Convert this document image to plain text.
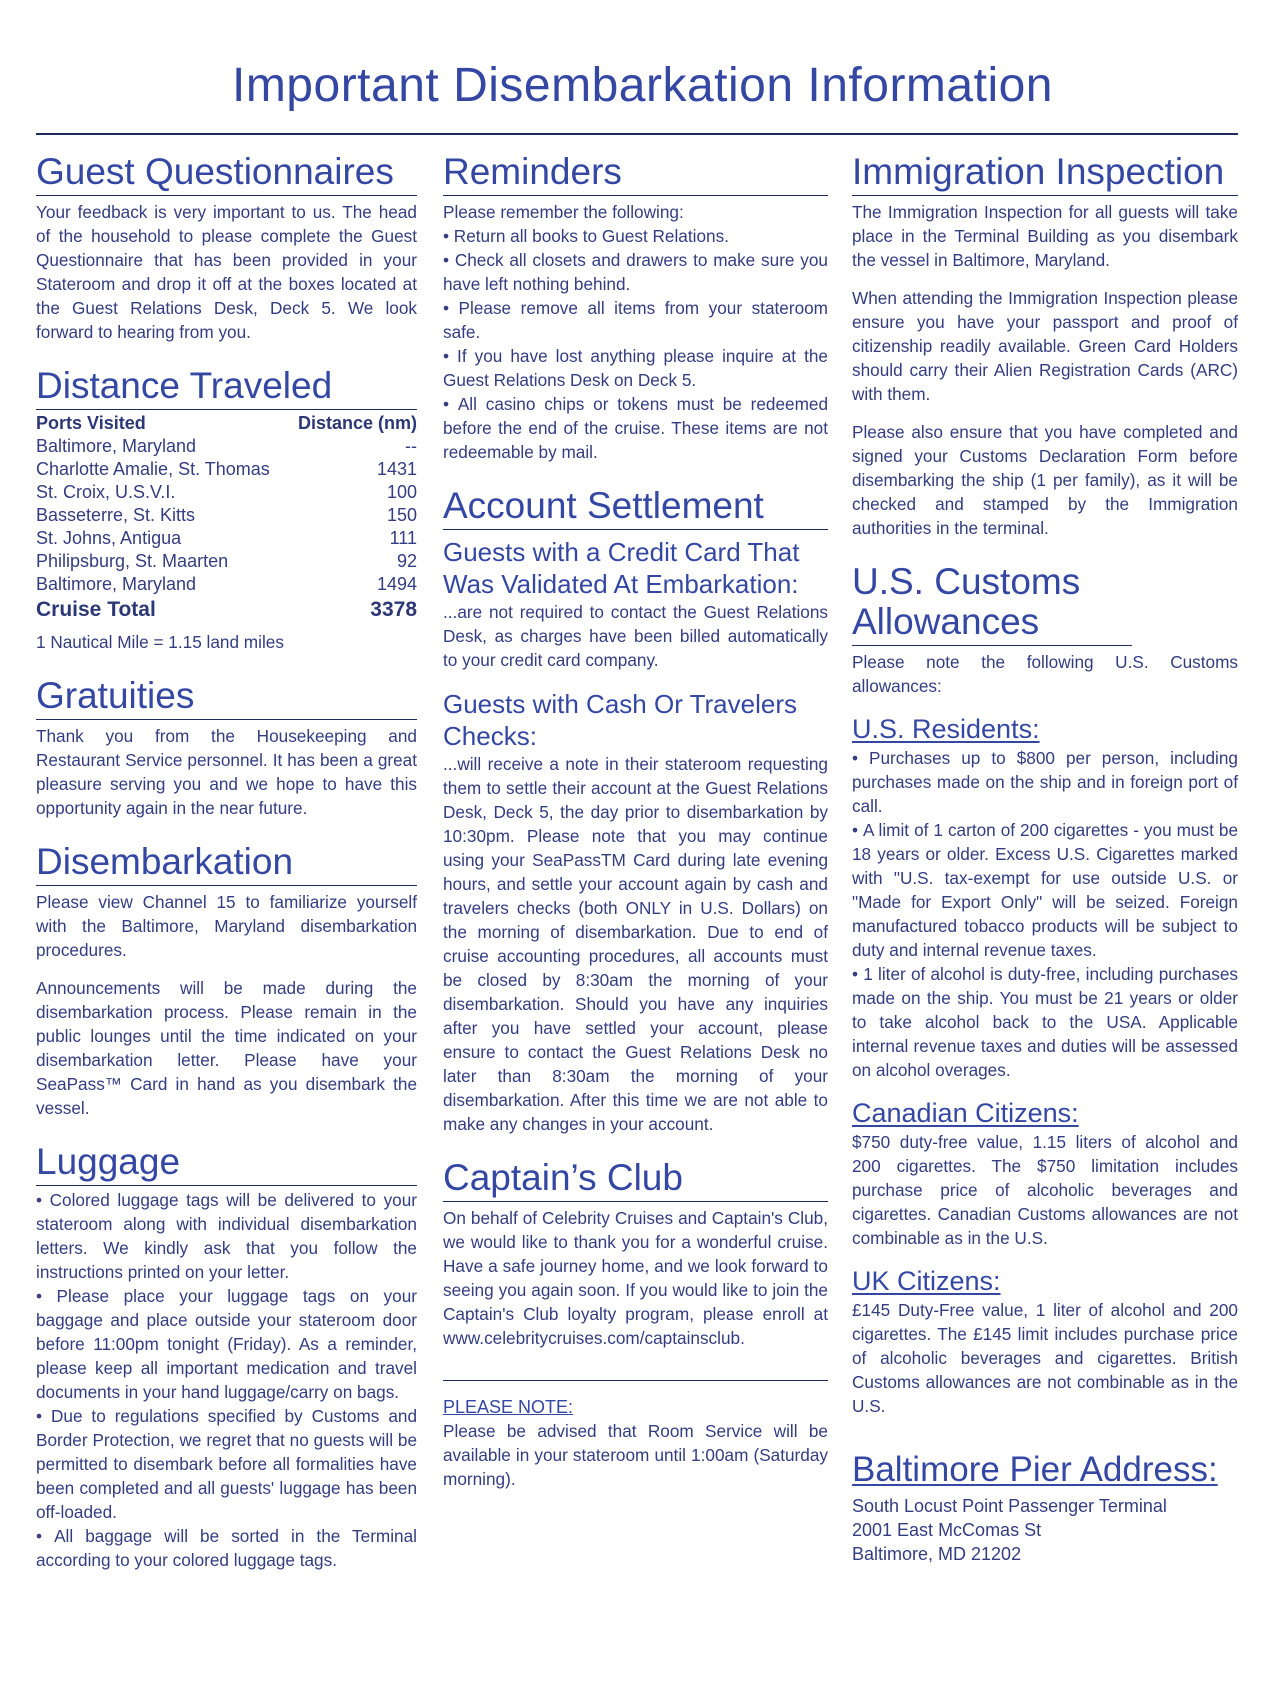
Important Disembarkation Information
Guest Questionnaires

Your feedback is very important to us. The head of the household to please complete the Guest Questionnaire that has been provided in your Stateroom and drop it off at the boxes located at the Guest Relations Desk, Deck 5. We look forward to hearing from you.

Distance Traveled
Ports Visited	Distance (nm)
Baltimore, Maryland	--
Charlotte Amalie, St. Thomas	1431
St. Croix, U.S.V.I.	100
Basseterre, St. Kitts	150
St. Johns, Antigua	111
Philipsburg, St. Maarten	92
Baltimore, Maryland	1494
Cruise Total	3378

1 Nautical Mile = 1.15 land miles

Gratuities

Thank you from the Housekeeping and Restaurant Service personnel. It has been a great pleasure serving you and we hope to have this opportunity again in the near future.

Disembarkation

Please view Channel 15 to familiarize yourself with the Baltimore, Maryland disembarkation procedures.

Announcements will be made during the disembarkation process. Please remain in the public lounges until the time indicated on your disembarkation letter. Please have your SeaPass™ Card in hand as you disembark the vessel.

Luggage

• Colored luggage tags will be delivered to your stateroom along with individual disembarkation letters. We kindly ask that you follow the instructions printed on your letter.

• Please place your luggage tags on your baggage and place outside your stateroom door before 11:00pm tonight (Friday). As a reminder, please keep all important medication and travel documents in your hand luggage/carry on bags.

• Due to regulations specified by Customs and Border Protection, we regret that no guests will be permitted to disembark before all formalities have been completed and all guests' luggage has been off-loaded.

• All baggage will be sorted in the Terminal according to your colored luggage tags.

Reminders

Please remember the following:

• Return all books to Guest Relations.

• Check all closets and drawers to make sure you have left nothing behind.

• Please remove all items from your stateroom safe.

• If you have lost anything please inquire at the Guest Relations Desk on Deck 5.

• All casino chips or tokens must be redeemed before the end of the cruise. These items are not redeemable by mail.

Account Settlement
Guests with a Credit Card That Was Validated At Embarkation:

...are not required to contact the Guest Relations Desk, as charges have been billed automatically to your credit card company.

Guests with Cash Or Travelers Checks:

...will receive a note in their stateroom requesting them to settle their account at the Guest Relations Desk, Deck 5, the day prior to disembarkation by 10:30pm. Please note that you may continue using your SeaPassTM Card during late evening hours, and settle your account again by cash and travelers checks (both ONLY in U.S. Dollars) on the morning of disembarkation. Due to end of cruise accounting procedures, all accounts must be closed by 8:30am the morning of your disembarkation. Should you have any inquiries after you have settled your account, please ensure to contact the Guest Relations Desk no later than 8:30am the morning of your disembarkation. After this time we are not able to make any changes in your account.

Captain’s Club

On behalf of Celebrity Cruises and Captain's Club, we would like to thank you for a wonderful cruise. Have a safe journey home, and we look forward to seeing you again soon. If you would like to join the Captain's Club loyalty program, please enroll at www.celebritycruises.com/captainsclub.

PLEASE NOTE:

Please be advised that Room Service will be available in your stateroom until 1:00am (Saturday morning).

Immigration Inspection

The Immigration Inspection for all guests will take place in the Terminal Building as you disembark the vessel in Baltimore, Maryland.

When attending the Immigration Inspection please ensure you have your passport and proof of citizenship readily available. Green Card Holders should carry their Alien Registration Cards (ARC) with them.

Please also ensure that you have completed and signed your Customs Declaration Form before disembarking the ship (1 per family), as it will be checked and stamped by the Immigration authorities in the terminal.

U.S. Customs Allowances

Please note the following U.S. Customs allowances:

U.S. Residents:

• Purchases up to $800 per person, including purchases made on the ship and in foreign port of call.

• A limit of 1 carton of 200 cigarettes - you must be 18 years or older. Excess U.S. Cigarettes marked with "U.S. tax-exempt for use outside U.S. or "Made for Export Only" will be seized. Foreign manufactured tobacco products will be subject to duty and internal revenue taxes.

• 1 liter of alcohol is duty-free, including purchases made on the ship. You must be 21 years or older to take alcohol back to the USA. Applicable internal revenue taxes and duties will be assessed on alcohol overages.

Canadian Citizens:

$750 duty-free value, 1.15 liters of alcohol and 200 cigarettes. The $750 limitation includes purchase price of alcoholic beverages and cigarettes. Canadian Customs allowances are not combinable as in the U.S.

UK Citizens:

£145 Duty-Free value, 1 liter of alcohol and 200 cigarettes. The £145 limit includes purchase price of alcoholic beverages and cigarettes. British Customs allowances are not combinable as in the U.S.

Baltimore Pier Address:

South Locust Point Passenger Terminal

2001 East McComas St

Baltimore, MD 21202
